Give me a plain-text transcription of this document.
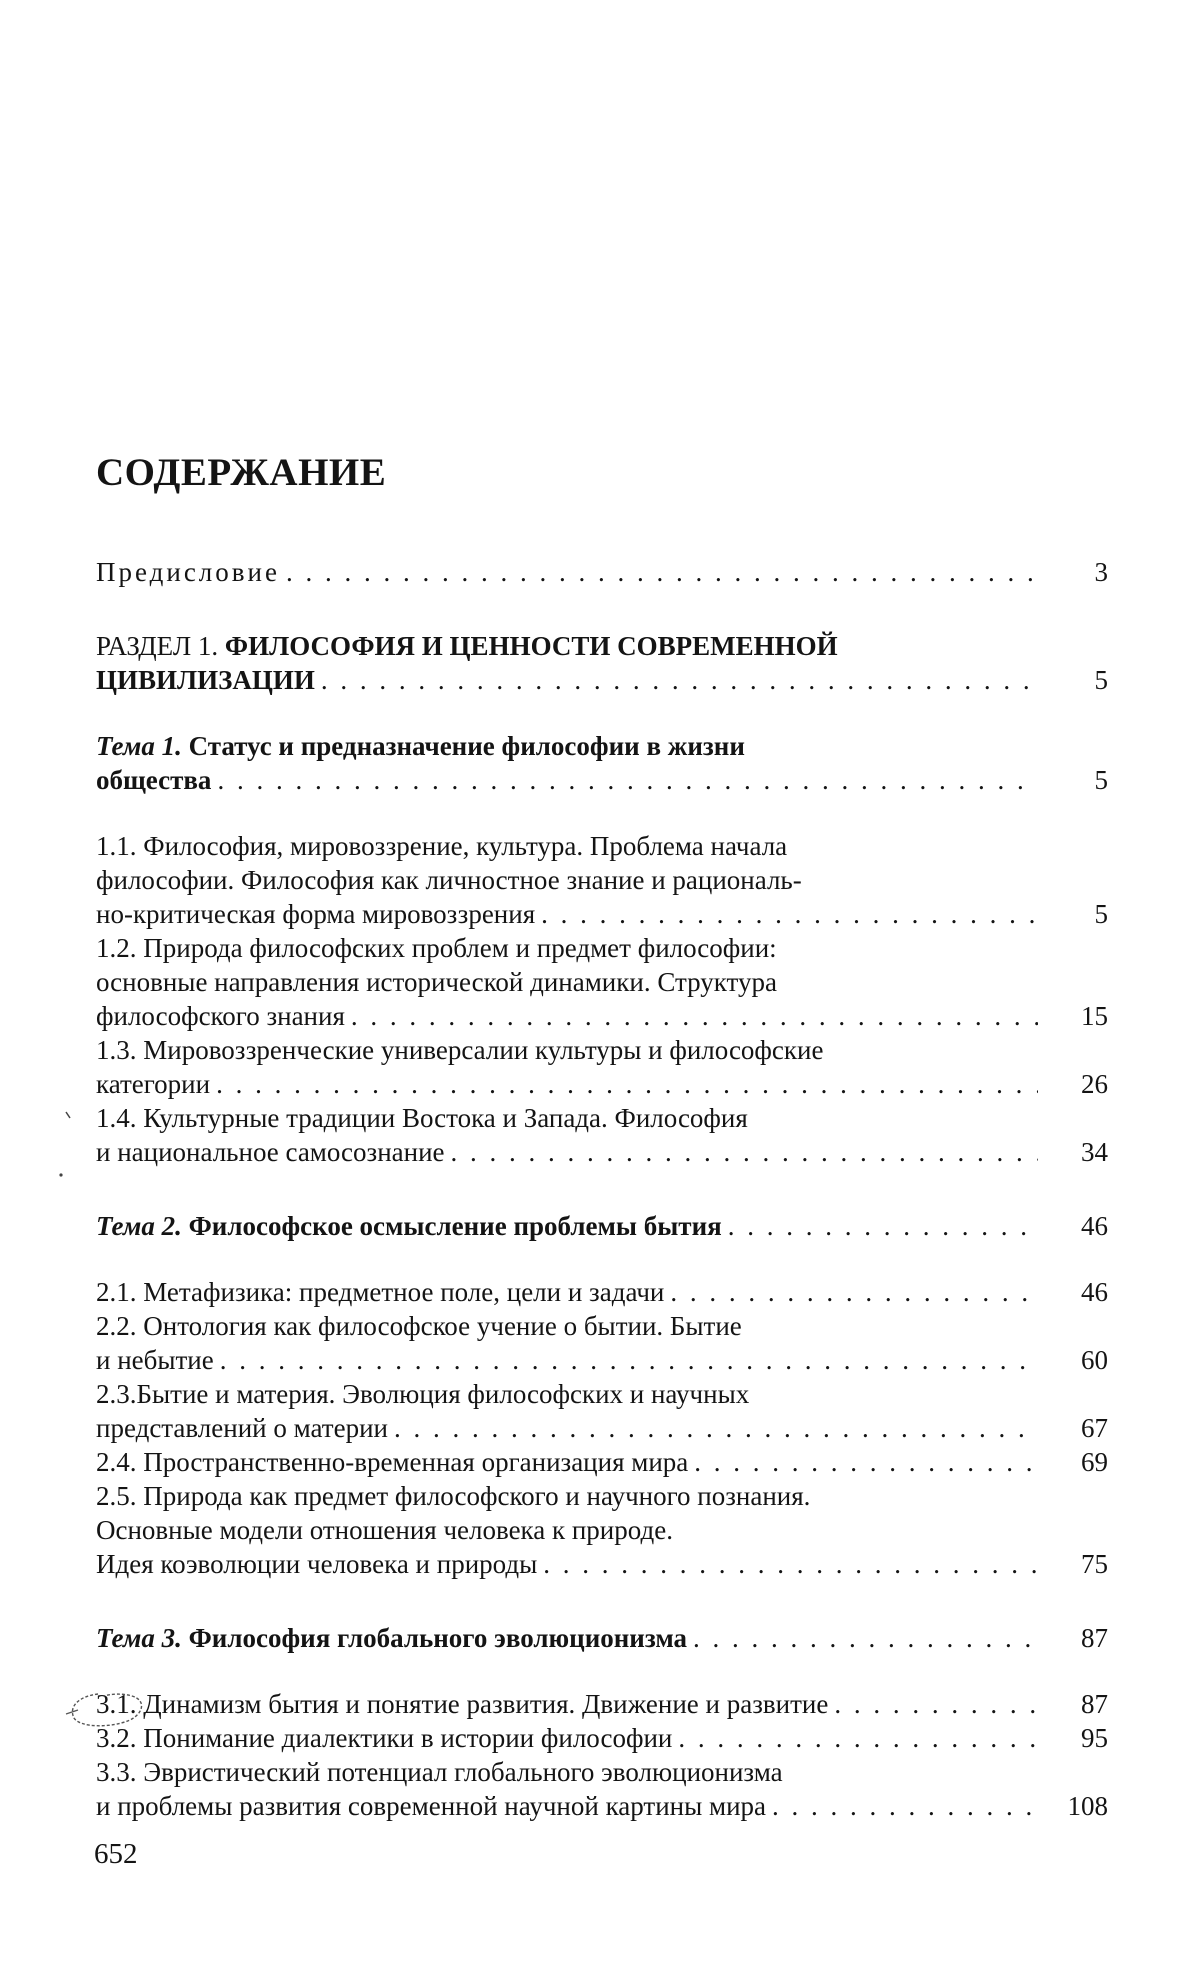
СОДЕРЖАНИЕ
Предисловие . . .	3
РАЗДЕЛ 1. ФИЛОСОФИЯ И ЦЕННОСТИ СОВРЕМЕННОЙ
ЦИВИЛИЗАЦИИ . . .	5
Тема 1. Статус и предназначение философии в жизни
общества . . .	5
1.1. Философия, мировоззрение, культура. Проблема начала
философии. Философия как личностное знание и рациональ-
но-критическая форма мировоззрения . . .	5
1.2. Природа философских проблем и предмет философии:
основные направления исторической динамики. Структура
философского знания . . .	15
1.3. Мировоззренческие универсалии культуры и философские
категории . . .	26
1.4. Культурные традиции Востока и Запада. Философия
и национальное самосознание . . .	34
Тема 2.
Философское осмысление проблемы бытия . . .	46
2.1. Метафизика: предметное поле, цели и задачи . . .	46
2.2. Онтология как философское учение о бытии. Бытие
и небытие . . .	60
2.3.Бытие и материя. Эволюция философских и научных
представлений о материи . . .	67
2.4. Пространственно-временная организация мира . . .	69
2.5. Природа как предмет философского и научного познания.
Основные модели отношения человека к природе.
Идея коэволюции человека и природы . . .	75
Тема 3.
Философия глобального эволюционизма . . .	87
3.1. Динамизм бытия и понятие развития. Движение и развитие . . .	87
3.2. Понимание диалектики в истории философии . . .	95
3.3. Эвристический потенциал глобального эволюционизма
и проблемы развития современной научной картины мира . . .	108
652
